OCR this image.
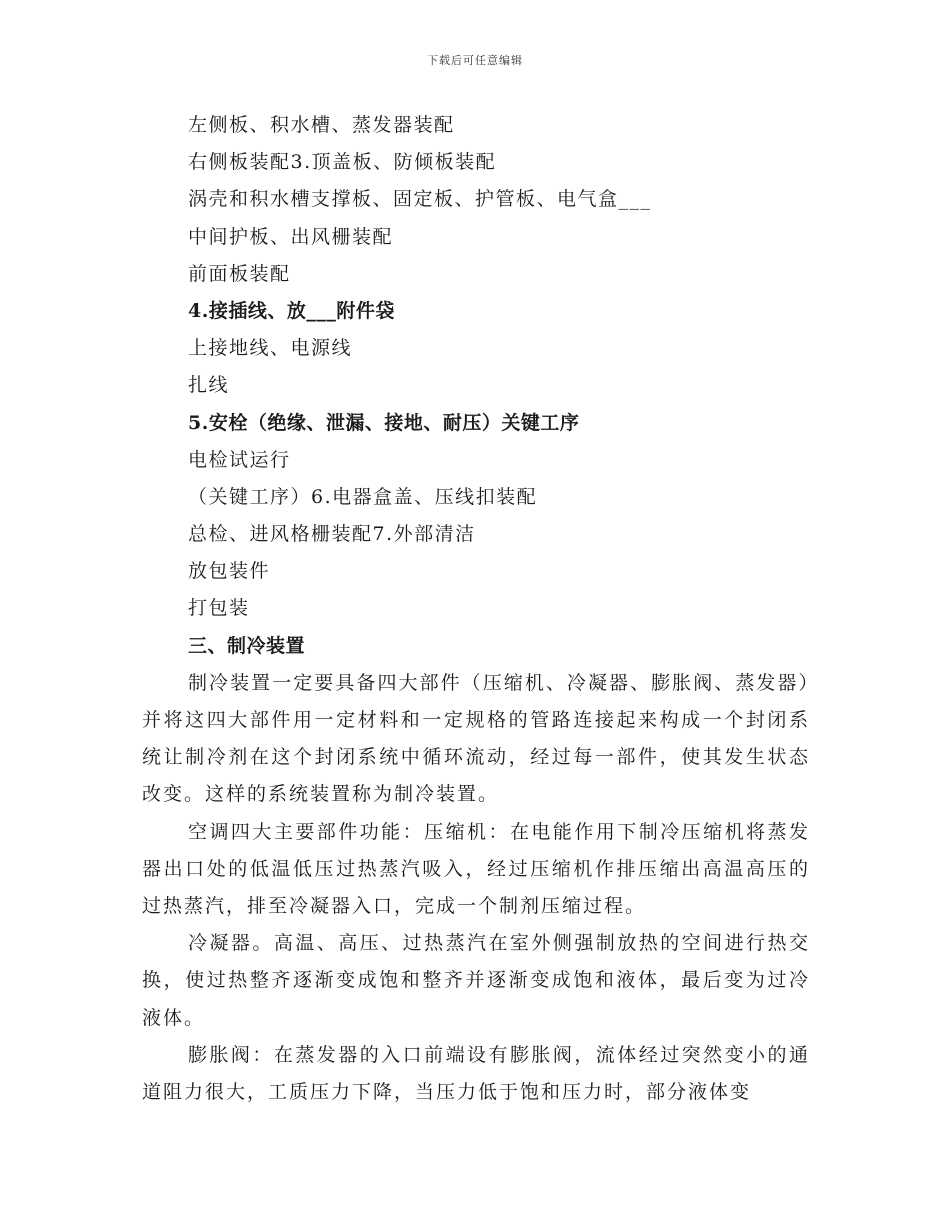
下载后可任意编辑

左侧板、积水槽、蒸发器装配

右侧板装配3.顶盖板、防倾板装配

涡壳和积水槽支撑板、固定板、护管板、电气盒___

中间护板、出风栅装配

前面板装配

4.接插线、放___附件袋

上接地线、电源线

扎线

5.安栓（绝缘、泄漏、接地、耐压）关键工序

电检试运行

（关键工序）6.电器盒盖、压线扣装配

总检、进风格栅装配7.外部清洁

放包装件

打包装

三、制冷装置

制冷装置一定要具备四大部件（压缩机、冷凝器、膨胀阀、蒸发器）并将这四大部件用一定材料和一定规格的管路连接起来构成一个封闭系统让制冷剂在这个封闭系统中循环流动，经过每一部件，使其发生状态改变。这样的系统装置称为制冷装置。

空调四大主要部件功能：压缩机：在电能作用下制冷压缩机将蒸发器出口处的低温低压过热蒸汽吸入，经过压缩机作排压缩出高温高压的过热蒸汽，排至冷凝器入口，完成一个制剂压缩过程。

冷凝器。高温、高压、过热蒸汽在室外侧强制放热的空间进行热交换，使过热整齐逐渐变成饱和整齐并逐渐变成饱和液体，最后变为过冷液体。

膨胀阀：在蒸发器的入口前端设有膨胀阀，流体经过突然变小的通道阻力很大，工质压力下降，当压力低于饱和压力时，部分液体变
